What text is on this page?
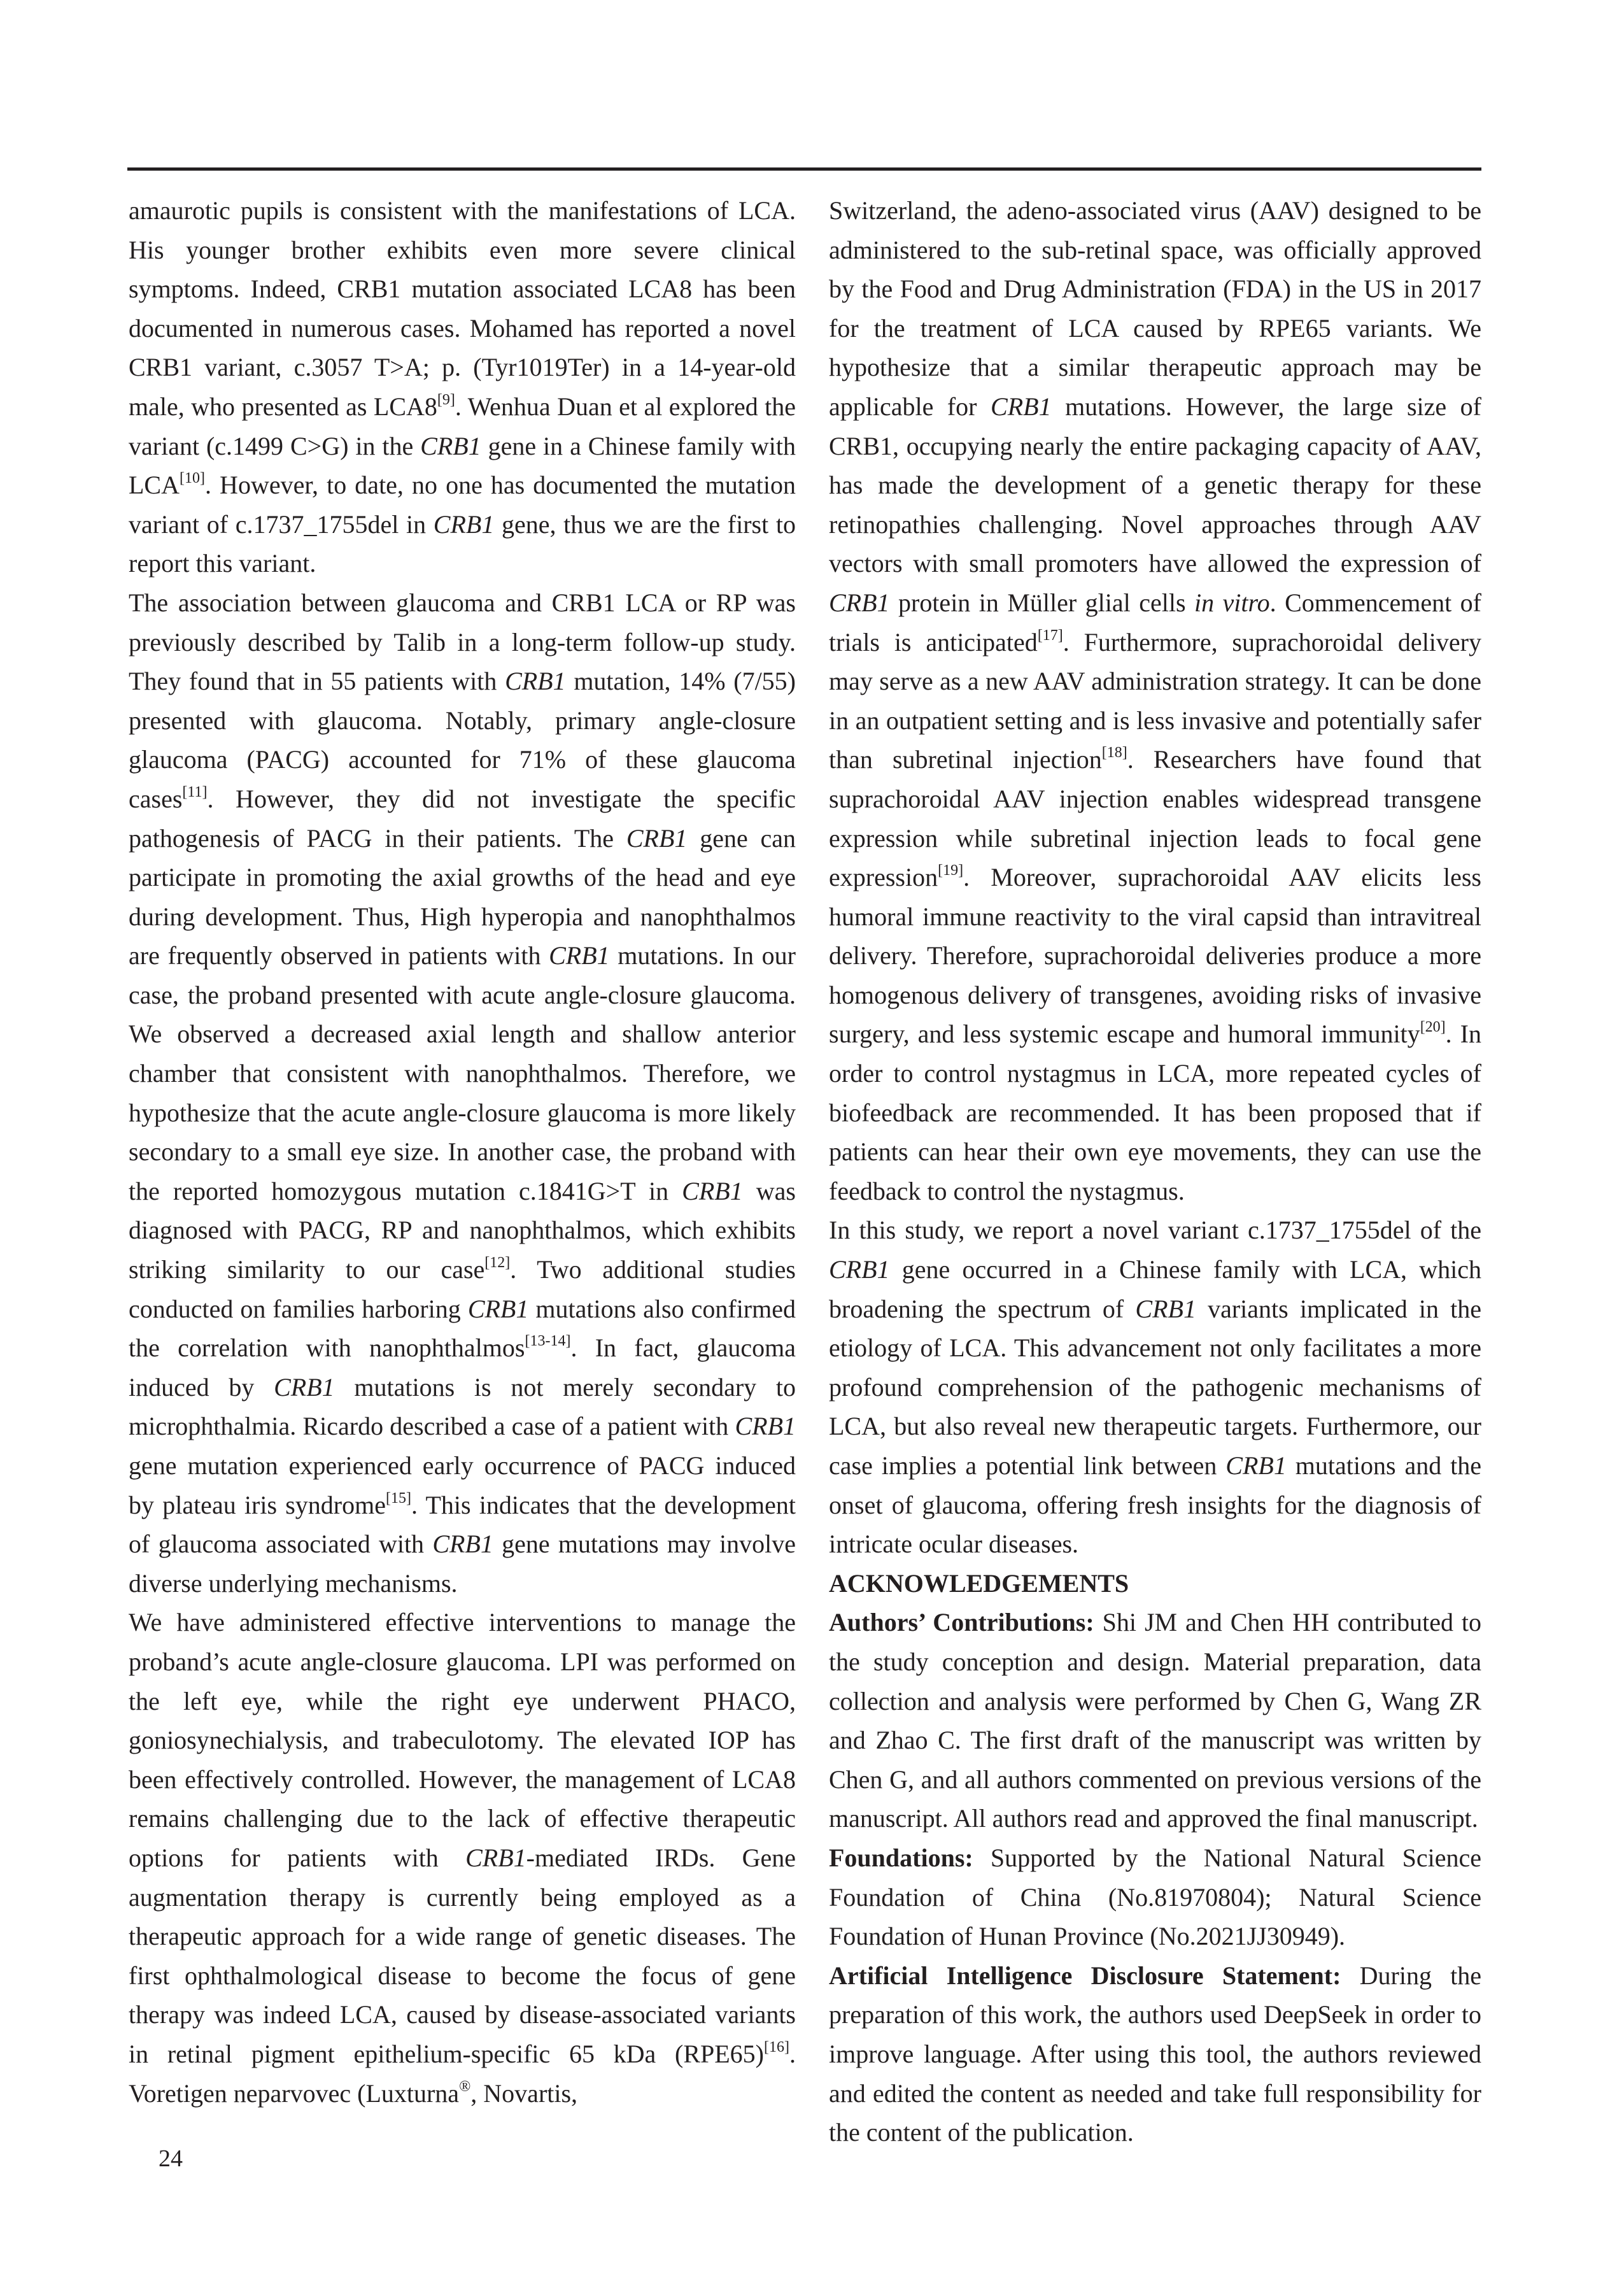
amaurotic pupils is consistent with the manifestations of LCA. His younger brother exhibits even more severe clinical symptoms. Indeed, CRB1 mutation associated LCA8 has been documented in numerous cases. Mohamed has reported a novel CRB1 variant, c.3057 T>A; p. (Tyr1019Ter) in a 14-year-old male, who presented as LCA8[9]. Wenhua Duan et al explored the variant (c.1499 C>G) in the CRB1 gene in a Chinese family with LCA[10]. However, to date, no one has documented the mutation variant of c.1737_1755del in CRB1 gene, thus we are the first to report this variant.

The association between glaucoma and CRB1 LCA or RP was previously described by Talib in a long-term follow-up study. They found that in 55 patients with CRB1 mutation, 14% (7/55) presented with glaucoma. Notably, primary angle-closure glaucoma (PACG) accounted for 71% of these glaucoma cases[11]. However, they did not investigate the specific pathogenesis of PACG in their patients. The CRB1 gene can participate in promoting the axial growths of the head and eye during development. Thus, High hyperopia and nanophthalmos are frequently observed in patients with CRB1 mutations. In our case, the proband presented with acute angle-closure glaucoma. We observed a decreased axial length and shallow anterior chamber that consistent with nanophthalmos. Therefore, we hypothesize that the acute angle-closure glaucoma is more likely secondary to a small eye size. In another case, the proband with the reported homozygous mutation c.1841G>T in CRB1 was diagnosed with PACG, RP and nanophthalmos, which exhibits striking similarity to our case[12]. Two additional studies conducted on families harboring CRB1 mutations also confirmed the correlation with nanophthalmos[13-14]. In fact, glaucoma induced by CRB1 mutations is not merely secondary to microphthalmia. Ricardo described a case of a patient with CRB1 gene mutation experienced early occurrence of PACG induced by plateau iris syndrome[15]. This indicates that the development of glaucoma associated with CRB1 gene mutations may involve diverse underlying mechanisms.

We have administered effective interventions to manage the proband’s acute angle-closure glaucoma. LPI was performed on the left eye, while the right eye underwent PHACO, goniosynechialysis, and trabeculotomy. The elevated IOP has been effectively controlled. However, the management of LCA8 remains challenging due to the lack of effective therapeutic options for patients with CRB1-mediated IRDs. Gene augmentation therapy is currently being employed as a therapeutic approach for a wide range of genetic diseases. The first ophthalmological disease to become the focus of gene therapy was indeed LCA, caused by disease-associated variants in retinal pigment epithelium-specific 65 kDa (RPE65)[16]. Voretigen neparvovec (Luxturna®, Novartis,

Switzerland, the adeno-associated virus (AAV) designed to be administered to the sub-retinal space, was officially approved by the Food and Drug Administration (FDA) in the US in 2017 for the treatment of LCA caused by RPE65 variants. We hypothesize that a similar therapeutic approach may be applicable for CRB1 mutations. However, the large size of CRB1, occupying nearly the entire packaging capacity of AAV, has made the development of a genetic therapy for these retinopathies challenging. Novel approaches through AAV vectors with small promoters have allowed the expression of CRB1 protein in Müller glial cells in vitro. Commencement of trials is anticipated[17]. Furthermore, suprachoroidal delivery may serve as a new AAV administration strategy. It can be done in an outpatient setting and is less invasive and potentially safer than subretinal injection[18]. Researchers have found that suprachoroidal AAV injection enables widespread transgene expression while subretinal injection leads to focal gene expression[19]. Moreover, suprachoroidal AAV elicits less humoral immune reactivity to the viral capsid than intravitreal delivery. Therefore, suprachoroidal deliveries produce a more homogenous delivery of transgenes, avoiding risks of invasive surgery, and less systemic escape and humoral immunity[20]. In order to control nystagmus in LCA, more repeated cycles of biofeedback are recommended. It has been proposed that if patients can hear their own eye movements, they can use the feedback to control the nystagmus.

In this study, we report a novel variant c.1737_1755del of the CRB1 gene occurred in a Chinese family with LCA, which broadening the spectrum of CRB1 variants implicated in the etiology of LCA. This advancement not only facilitates a more profound comprehension of the pathogenic mechanisms of LCA, but also reveal new therapeutic targets. Furthermore, our case implies a potential link between CRB1 mutations and the onset of glaucoma, offering fresh insights for the diagnosis of intricate ocular diseases.

ACKNOWLEDGEMENTS

Authors’ Contributions: Shi JM and Chen HH contributed to the study conception and design. Material preparation, data collection and analysis were performed by Chen G, Wang ZR and Zhao C. The first draft of the manuscript was written by Chen G, and all authors commented on previous versions of the manuscript. All authors read and approved the final manuscript.

Foundations: Supported by the National Natural Science Foundation of China (No.81970804); Natural Science Foundation of Hunan Province (No.2021JJ30949).

Artificial Intelligence Disclosure Statement: During the preparation of this work, the authors used DeepSeek in order to improve language. After using this tool, the authors reviewed and edited the content as needed and take full responsibility for the content of the publication.

24
